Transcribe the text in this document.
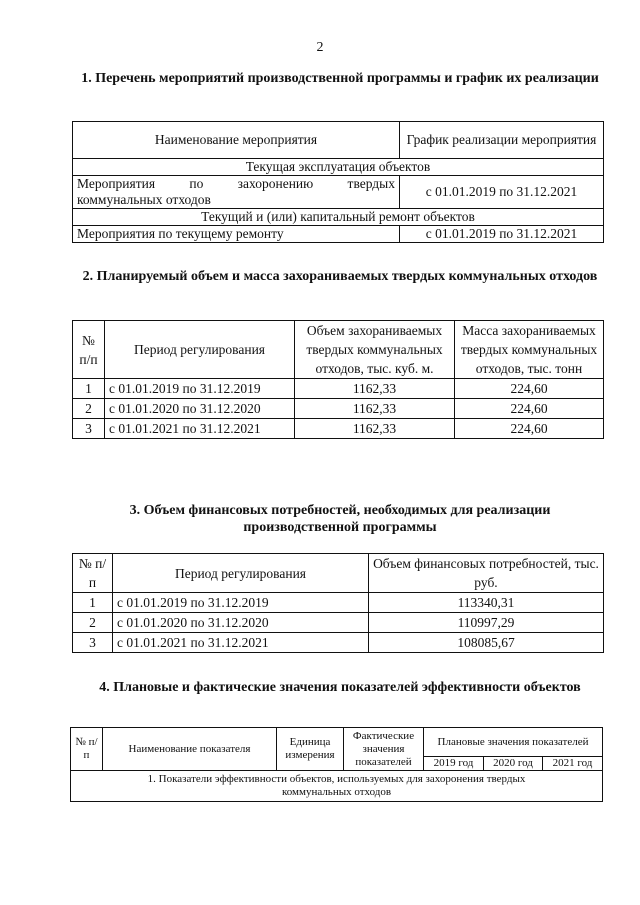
2
1. Перечень мероприятий производственной программы и график их реализации
Наименование мероприятия	График реализации мероприятия
Текущая эксплуатация объектов	

Мероприятия по захоронению твердых
коммунальных отходов	с 01.01.2019 по 31.12.2021
Текущий и (или) капитальный ремонт объектов	
Мероприятия по текущему ремонту	с 01.01.2019 по 31.12.2021
2. Планируемый объем и масса захораниваемых твердых коммунальных отходов
№ п/п	Период регулирования	Объем захораниваемых твердых коммунальных отходов, тыс. куб. м.	Масса захораниваемых твердых коммунальных отходов, тыс. тонн
1	с 01.01.2019 по 31.12.2019	1162,33	224,60
2	с 01.01.2020 по 31.12.2020	1162,33	224,60
3	с 01.01.2021 по 31.12.2021	1162,33	224,60
3. Объем финансовых потребностей, необходимых для реализации производственной программы
№ п/п	Период регулирования	Объем финансовых потребностей, тыс. руб.
1	с 01.01.2019 по 31.12.2019	113340,31
2	с 01.01.2020 по 31.12.2020	110997,29
3	с 01.01.2021 по 31.12.2021	108085,67
4. Плановые и фактические значения показателей эффективности объектов
№ п/п	Наименование показателя	Единица измерения	Фактические значения показателей	Плановые значения показателей		
				2019 год	2020 год	2021 год
1. Показатели эффективности объектов, используемых для захоронения твердых коммунальных отходов						
